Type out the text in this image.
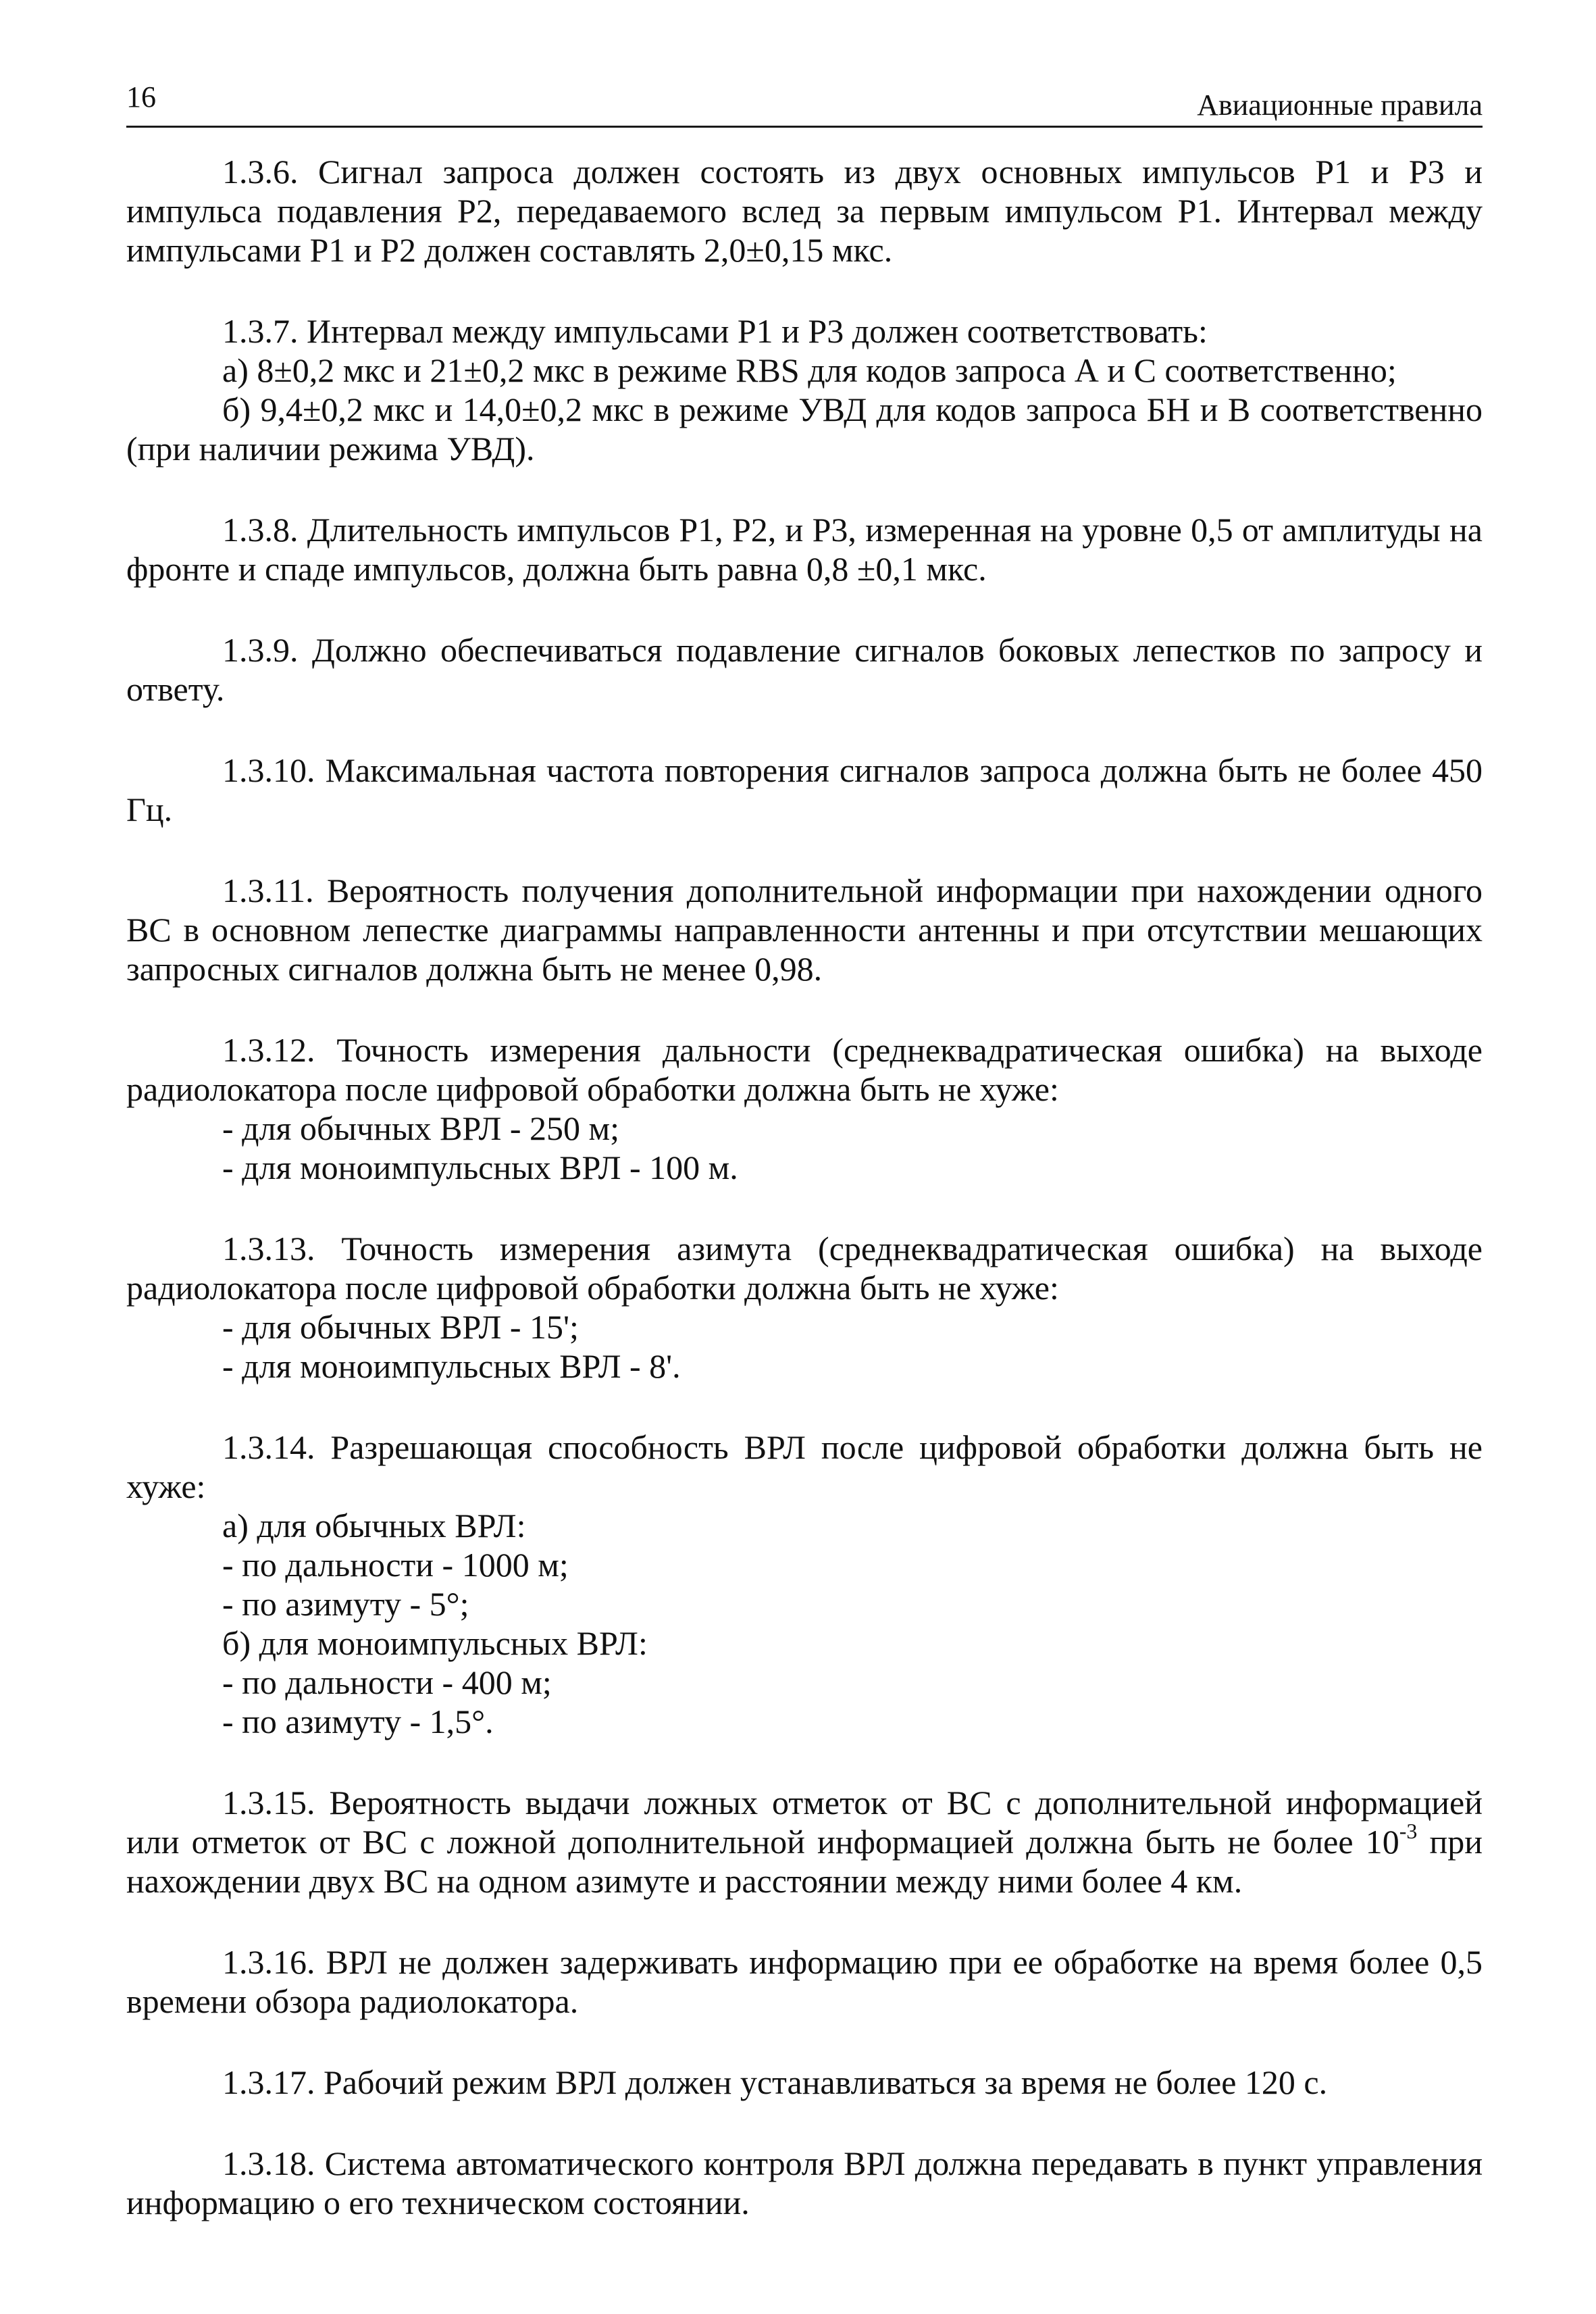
16	Авиационные правила

1.3.6. Сигнал запроса должен состоять из двух основных импульсов Р1 и Р3 и импульса подавления Р2, передаваемого вслед за первым импульсом Р1. Интервал между импульсами Р1 и Р2 должен составлять 2,0±0,15 мкс.

1.3.7. Интервал между импульсами Р1 и Р3 должен соответствовать:

а) 8±0,2 мкс и 21±0,2 мкс в режиме RBS для кодов запроса А и С соответственно;

б) 9,4±0,2 мкс и 14,0±0,2 мкс в режиме УВД для кодов запроса БН и В соответственно (при наличии режима УВД).

1.3.8. Длительность импульсов Р1, Р2, и Р3, измеренная на уровне 0,5 от амплитуды на фронте и спаде импульсов, должна быть равна 0,8 ±0,1 мкс.

1.3.9. Должно обеспечиваться подавление сигналов боковых лепестков по запросу и ответу.

1.3.10. Максимальная частота повторения сигналов запроса должна быть не более 450 Гц.

1.3.11. Вероятность получения дополнительной информации при нахождении одного ВС в основном лепестке диаграммы направленности антенны и при отсутствии мешающих запросных сигналов должна быть не менее 0,98.

1.3.12. Точность измерения дальности (среднеквадратическая ошибка) на выходе радиолокатора после цифровой обработки должна быть не хуже:

- для обычных ВРЛ - 250 м;

- для моноимпульсных ВРЛ - 100 м.

1.3.13. Точность измерения азимута (среднеквадратическая ошибка) на выходе радиолокатора после цифровой обработки должна быть не хуже:

- для обычных ВРЛ - 15';

- для моноимпульсных ВРЛ - 8'.

1.3.14. Разрешающая способность ВРЛ после цифровой обработки должна быть не хуже:

а) для обычных ВРЛ:

- по дальности - 1000 м;

- по азимуту - 5°;

б) для моноимпульсных ВРЛ:

- по дальности - 400 м;

- по азимуту - 1,5°.

1.3.15. Вероятность выдачи ложных отметок от ВС с дополнительной информацией или отметок от ВС с ложной дополнительной информацией должна быть не более $10^{-3}$ при нахождении двух ВС на одном азимуте и расстоянии между ними более 4 км.

1.3.16. ВРЛ не должен задерживать информацию при ее обработке на время более 0,5 времени обзора радиолокатора.

1.3.17. Рабочий режим ВРЛ должен устанавливаться за время не более 120 с.

1.3.18. Система автоматического контроля ВРЛ должна передавать в пункт управления информацию о его техническом состоянии.
